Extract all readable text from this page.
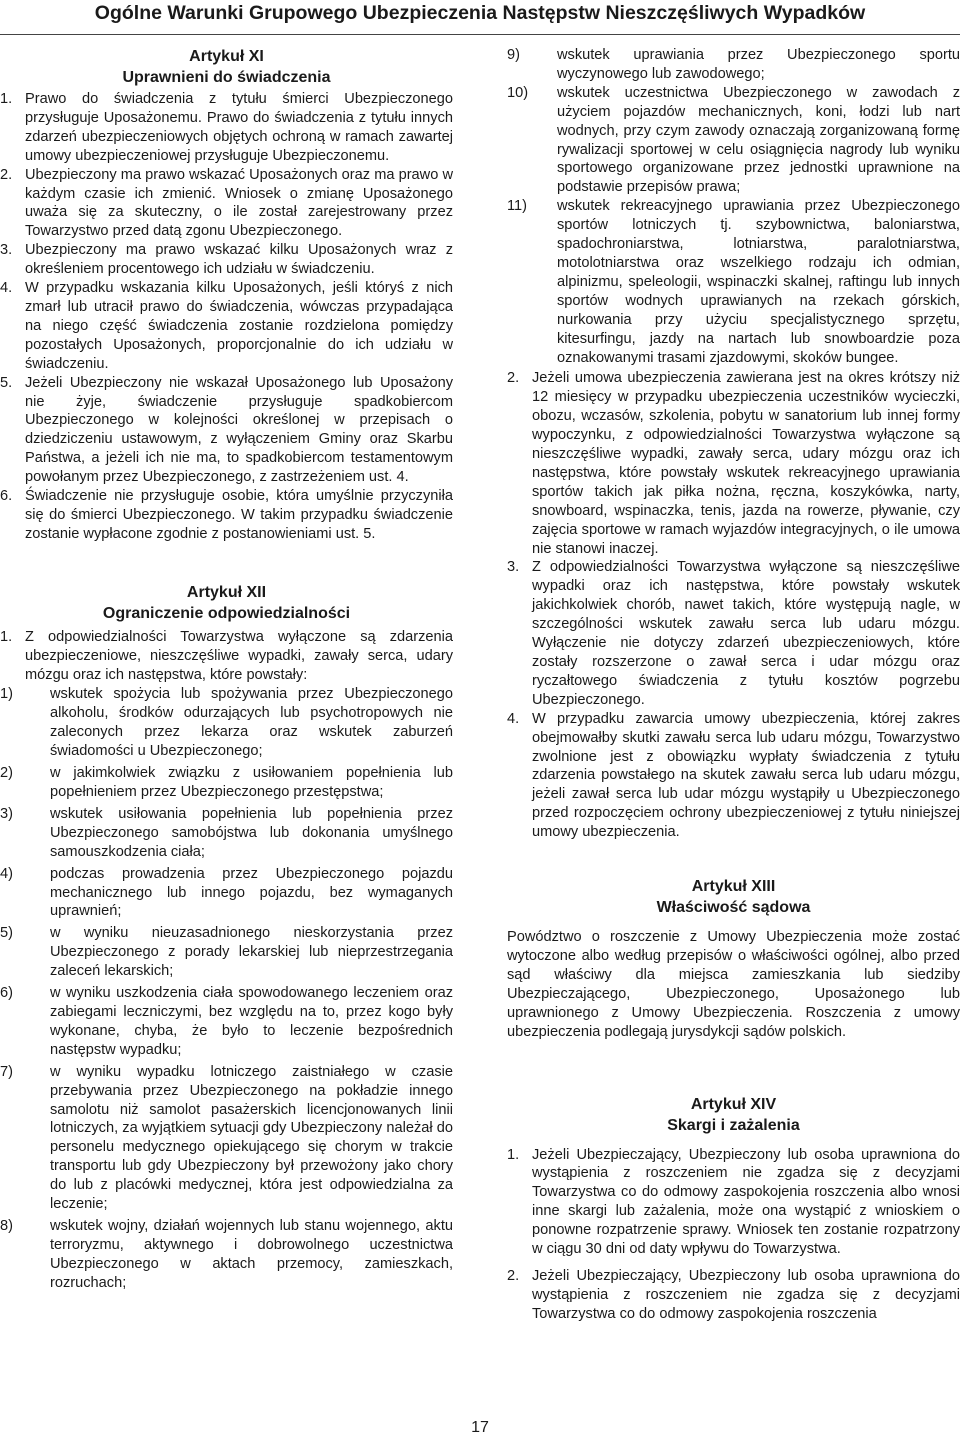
Ogólne Warunki Grupowego Ubezpieczenia Następstw Nieszczęśliwych Wypadków
Artykuł XI
Uprawnieni do świadczenia
1. Prawo do świadczenia z tytułu śmierci Ubezpieczonego przysługuje Uposażonemu. Prawo do świadczenia z tytułu innych zdarzeń ubezpieczeniowych objętych ochroną w ramach zawartej umowy ubezpieczeniowej przysługuje Ubezpieczonemu.
2. Ubezpieczony ma prawo wskazać Uposażonych oraz ma prawo w każdym czasie ich zmienić. Wniosek o zmianę Uposażonego uważa się za skuteczny, o ile został zarejestrowany przez Towarzystwo przed datą zgonu Ubezpieczonego.
3. Ubezpieczony ma prawo wskazać kilku Uposażonych wraz z określeniem procentowego ich udziału w świadczeniu.
4. W przypadku wskazania kilku Uposażonych, jeśli któryś z nich zmarł lub utracił prawo do świadczenia, wówczas przypadająca na niego część świadczenia zostanie rozdzielona pomiędzy pozostałych Uposażonych, proporcjonalnie do ich udziału w świadczeniu.
5. Jeżeli Ubezpieczony nie wskazał Uposażonego lub Uposażony nie żyje, świadczenie przysługuje spadkobiercom Ubezpieczonego w kolejności określonej w przepisach o dziedziczeniu ustawowym, z wyłączeniem Gminy oraz Skarbu Państwa, a jeżeli ich nie ma, to spadkobiercom testamentowym powołanym przez Ubezpieczonego, z zastrzeżeniem ust. 4.
6. Świadczenie nie przysługuje osobie, która umyślnie przyczyniła się do śmierci Ubezpieczonego. W takim przypadku świadczenie zostanie wypłacone zgodnie z postanowieniami ust. 5.
Artykuł XII
Ograniczenie odpowiedzialności
1. Z odpowiedzialności Towarzystwa wyłączone są zdarzenia ubezpieczeniowe, nieszczęśliwe wypadki, zawały serca, udary mózgu oraz ich następstwa, które powstały:
1)	wskutek spożycia lub spożywania przez Ubezpieczonego alkoholu, środków odurzających lub psychotropowych nie zaleconych przez lekarza oraz wskutek zaburzeń świadomości u Ubezpieczonego;
2)	w jakimkolwiek związku z usiłowaniem popełnienia lub popełnieniem przez Ubezpieczonego przestępstwa;
3)	wskutek usiłowania popełnienia lub popełnienia przez Ubezpieczonego samobójstwa lub dokonania umyślnego samouszkodzenia ciała;
4)	podczas prowadzenia przez Ubezpieczonego pojazdu mechanicznego lub innego pojazdu, bez wymaganych uprawnień;
5)	w wyniku nieuzasadnionego nieskorzystania przez Ubezpieczonego z porady lekarskiej lub nieprzestrzegania zaleceń lekarskich;
6)	w wyniku uszkodzenia ciała spowodowanego leczeniem oraz zabiegami leczniczymi, bez względu na to, przez kogo były wykonane, chyba, że było to leczenie bezpośrednich następstw wypadku;
7)	w wyniku wypadku lotniczego zaistniałego w czasie przebywania przez Ubezpieczonego na pokładzie innego samolotu niż samolot pasażerskich licencjonowanych linii lotniczych, za wyjątkiem sytuacji gdy Ubezpieczony należał do personelu medycznego opiekującego się chorym w trakcie transportu lub gdy Ubezpieczony był przewożony jako chory do lub z placówki medycznej, która jest odpowiedzialna za leczenie;
8)	wskutek wojny, działań wojennych lub stanu wojennego, aktu terroryzmu, aktywnego i dobrowolnego uczestnictwa Ubezpieczonego w aktach przemocy, zamieszkach, rozruchach;
9)	wskutek uprawiania przez Ubezpieczonego sportu wyczynowego lub zawodowego;
10) wskutek uczestnictwa Ubezpieczonego w zawodach z użyciem pojazdów mechanicznych, koni, łodzi lub nart wodnych, przy czym zawody oznaczają zorganizowaną formę rywalizacji sportowej w celu osiągnięcia nagrody lub wyniku sportowego organizowane przez jednostki uprawnione na podstawie przepisów prawa;
11) wskutek rekreacyjnego uprawiania przez Ubezpieczonego sportów lotniczych tj. szybownictwa, baloniarstwa, spadochroniarstwa, lotniarstwa, paralotniarstwa, motolotniarstwa oraz wszelkiego rodzaju ich odmian, alpinizmu, speleologii, wspinaczki skalnej, raftingu lub innych sportów wodnych uprawianych na rzekach górskich, nurkowania przy użyciu specjalistycznego sprzętu, kitesurfingu, jazdy na nartach lub snowboardzie poza oznakowanymi trasami zjazdowymi, skoków bungee.
2. Jeżeli umowa ubezpieczenia zawierana jest na okres krótszy niż 12 miesięcy w przypadku ubezpieczenia uczestników wycieczki, obozu, wczasów, szkolenia, pobytu w sanatorium lub innej formy wypoczynku, z odpowiedzialności Towarzystwa wyłączone są nieszczęśliwe wypadki, zawały serca, udary mózgu oraz ich następstwa, które powstały wskutek rekreacyjnego uprawiania sportów takich jak piłka nożna, ręczna, koszykówka, narty, snowboard, wspinaczka, tenis, jazda na rowerze, pływanie, czy zajęcia sportowe w ramach wyjazdów integracyjnych, o ile umowa nie stanowi inaczej.
3. Z odpowiedzialności Towarzystwa wyłączone są nieszczęśliwe wypadki oraz ich następstwa, które powstały wskutek jakichkolwiek chorób, nawet takich, które występują nagle, w szczególności wskutek zawału serca lub udaru mózgu. Wyłączenie nie dotyczy zdarzeń ubezpieczeniowych, które zostały rozszerzone o zawał serca i udar mózgu oraz ryczałtowego świadczenia z tytułu kosztów pogrzebu Ubezpieczonego.
4. W przypadku zawarcia umowy ubezpieczenia, której zakres obejmowałby skutki zawału serca lub udaru mózgu, Towarzystwo zwolnione jest z obowiązku wypłaty świadczenia z tytułu zdarzenia powstałego na skutek zawału serca lub udaru mózgu, jeżeli zawał serca lub udar mózgu wystąpiły u Ubezpieczonego przed rozpoczęciem ochrony ubezpieczeniowej z tytułu niniejszej umowy ubezpieczenia.
Artykuł XIII
Właściwość sądowa

Powództwo o roszczenie z Umowy Ubezpieczenia może zostać wytoczone albo według przepisów o właściwości ogólnej, albo przed sąd właściwy dla miejsca zamieszkania lub siedziby Ubezpieczającego, Ubezpieczonego, Uposażonego lub uprawnionego z Umowy Ubezpieczenia. Roszczenia z umowy ubezpieczenia podlegają jurysdykcji sądów polskich.

Artykuł XIV
Skargi i zażalenia
1. Jeżeli Ubezpieczający, Ubezpieczony lub osoba uprawniona do wystąpienia z roszczeniem nie zgadza się z decyzjami Towarzystwa co do odmowy zaspokojenia roszczenia albo wnosi inne skargi lub zażalenia, może ona wystąpić z wnioskiem o ponowne rozpatrzenie sprawy. Wniosek ten zostanie rozpatrzony w ciągu 30 dni od daty wpływu do Towarzystwa.
2. Jeżeli Ubezpieczający, Ubezpieczony lub osoba uprawniona do wystąpienia z roszczeniem nie zgadza się z decyzjami Towarzystwa co do odmowy zaspokojenia roszczenia
17
